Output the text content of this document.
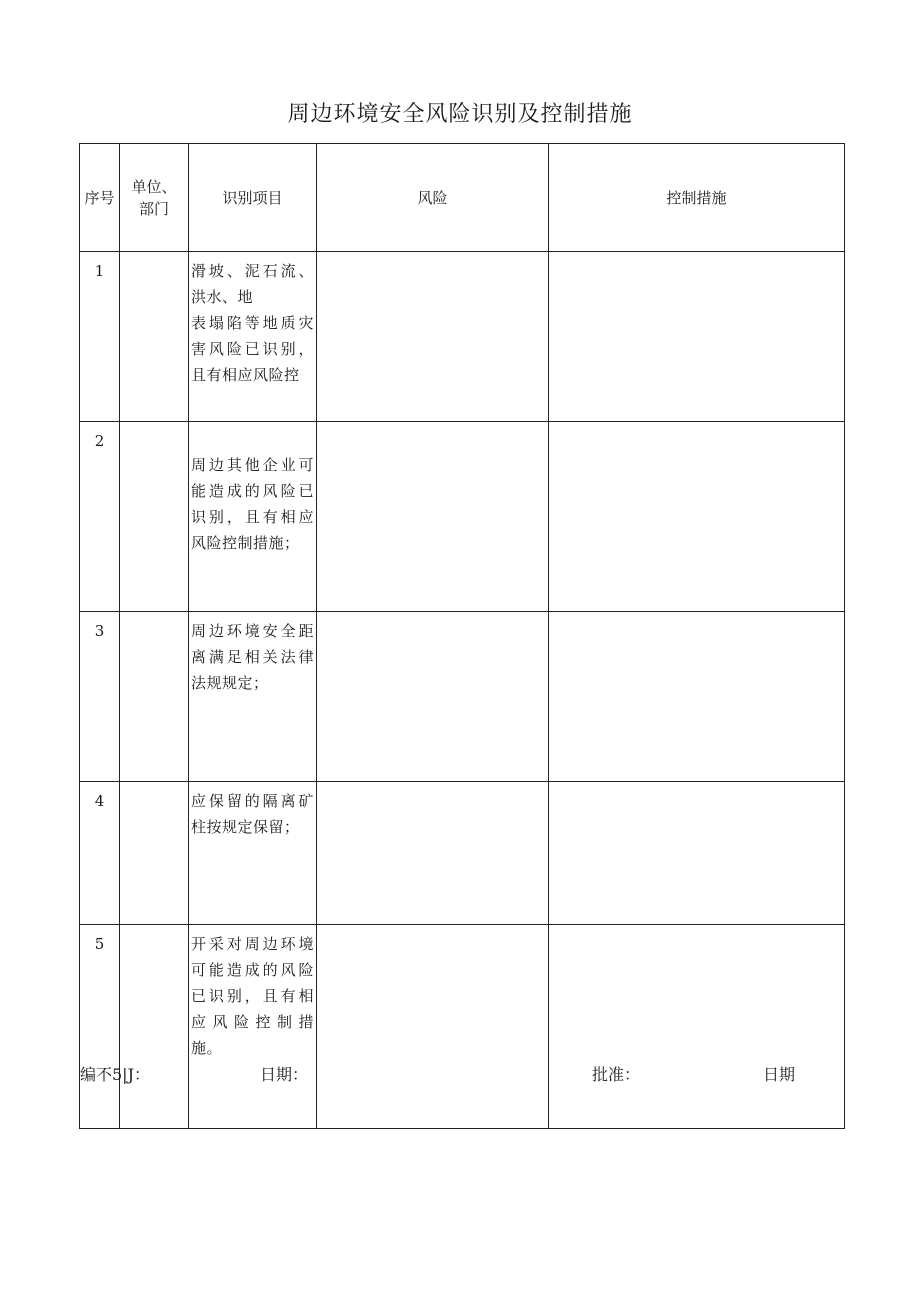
周边环境安全风险识别及控制措施
序号	单位、
部门	识别项目	风险	控制措施
1		滑坡、泥石流、洪水、地
表塌陷等地质灾害风险已识别，且有相应风险控		
2		周边其他企业可能造成的风险已识别，且有相应风险控制措施；		
3		周边环境安全距离满足相关法律法规规定；		
4		应保留的隔离矿柱按规定保留；		
5		开采对周边环境可能造成的风险已识别，且有相应风险控制措施。		
编不5|J：	日期：	批准：	日期
